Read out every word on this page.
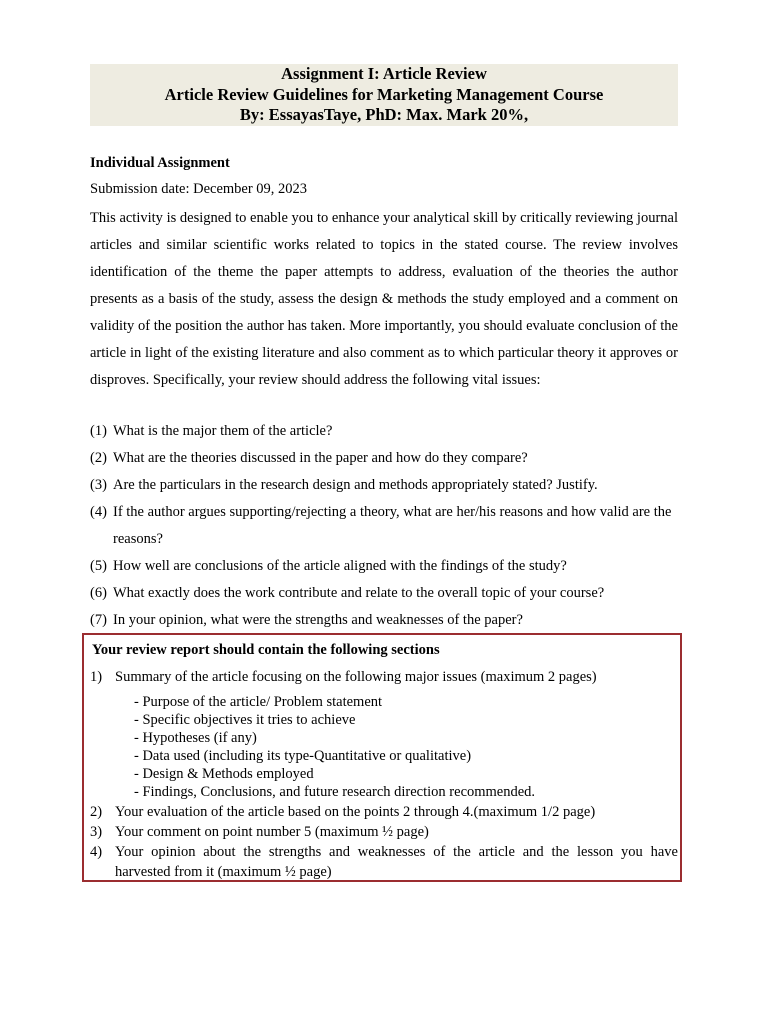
Assignment I: Article Review
Article Review Guidelines for Marketing Management Course
By: EssayasTaye, PhD: Max. Mark 20%,
Individual Assignment
Submission date: December 09, 2023

This activity is designed to enable you to enhance your analytical skill by critically reviewing journal articles and similar scientific works related to topics in the stated course. The review involves identification of the theme the paper attempts to address, evaluation of the theories the author presents as a basis of the study, assess the design & methods the study employed and a comment on validity of the position the author has taken. More importantly, you should evaluate conclusion of the article in light of the existing literature and also comment as to which particular theory it approves or disproves. Specifically, your review should address the following vital issues:

(1) What is the major them of the article?
(2) What are the theories discussed in the paper and how do they compare?
(3) Are the particulars in the research design and methods appropriately stated? Justify.
(4) If the author argues supporting/rejecting a theory, what are her/his reasons and how valid are the reasons?
(5) How well are conclusions of the article aligned with the findings of the study?
(6) What exactly does the work contribute and relate to the overall topic of your course?
(7) In your opinion, what were the strengths and weaknesses of the paper?
Your review report should contain the following sections
1) Summary of the article focusing on the following major issues (maximum 2 pages)
- Purpose of the article/ Problem statement
- Specific objectives it tries to achieve
- Hypotheses (if any)
- Data used (including its type-Quantitative or qualitative)
- Design & Methods employed
- Findings, Conclusions, and future research direction recommended.
2) Your evaluation of the article based on the points 2 through 4.(maximum 1/2 page)
3) Your comment on point number 5 (maximum ½ page)
4) Your opinion about the strengths and weaknesses of the article and the lesson you have harvested from it (maximum ½ page)
